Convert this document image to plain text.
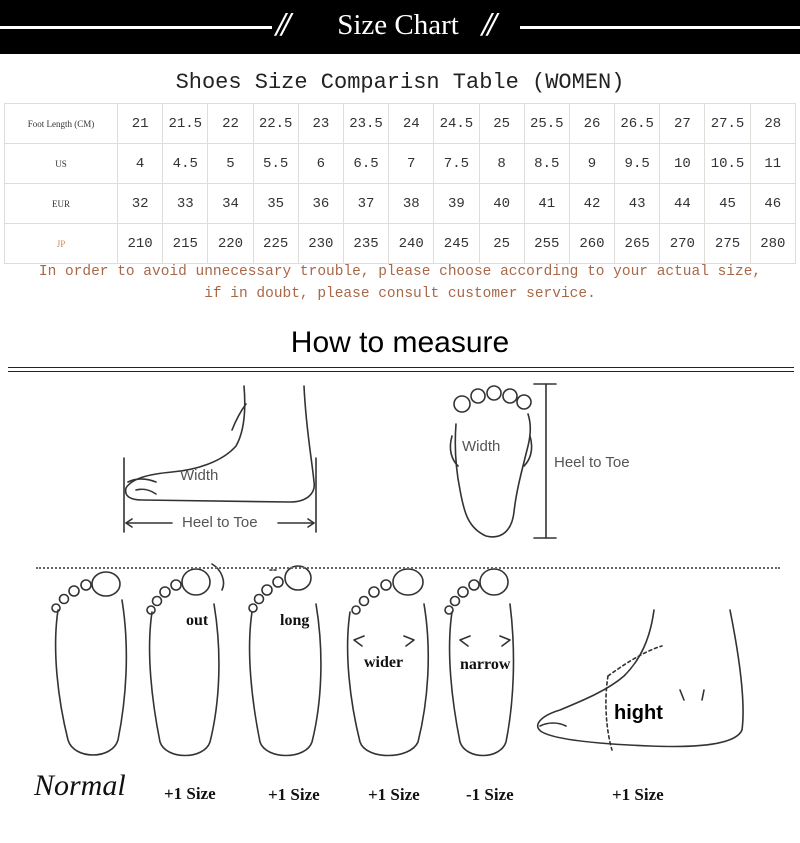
//	Size Chart //
Shoes Size Comparisn Table (WOMEN)
Foot Length (CM)	21	21.5	22	22.5	23	23.5	24	24.5	25	25.5	26	26.5	27	27.5	28
US	4	4.5	5	5.5	6	6.5	7	7.5	8	8.5	9	9.5	10	10.5	11
EUR	32	33	34	35	36	37	38	39	40	41	42	43	44	45	46
JP	210	215	220	225	230	235	240	245	25	255	260	265	270	275	280
In order to avoid unnecessary trouble, please choose according to your actual size,
if in doubt, please consult customer service.
How to measure
Width
Heel to Toe
Width
Heel to Toe
out	long
wider	narrow
hight
Normal +1 Size	+1 Size	+1 Size	-1 Size	+1 Size
